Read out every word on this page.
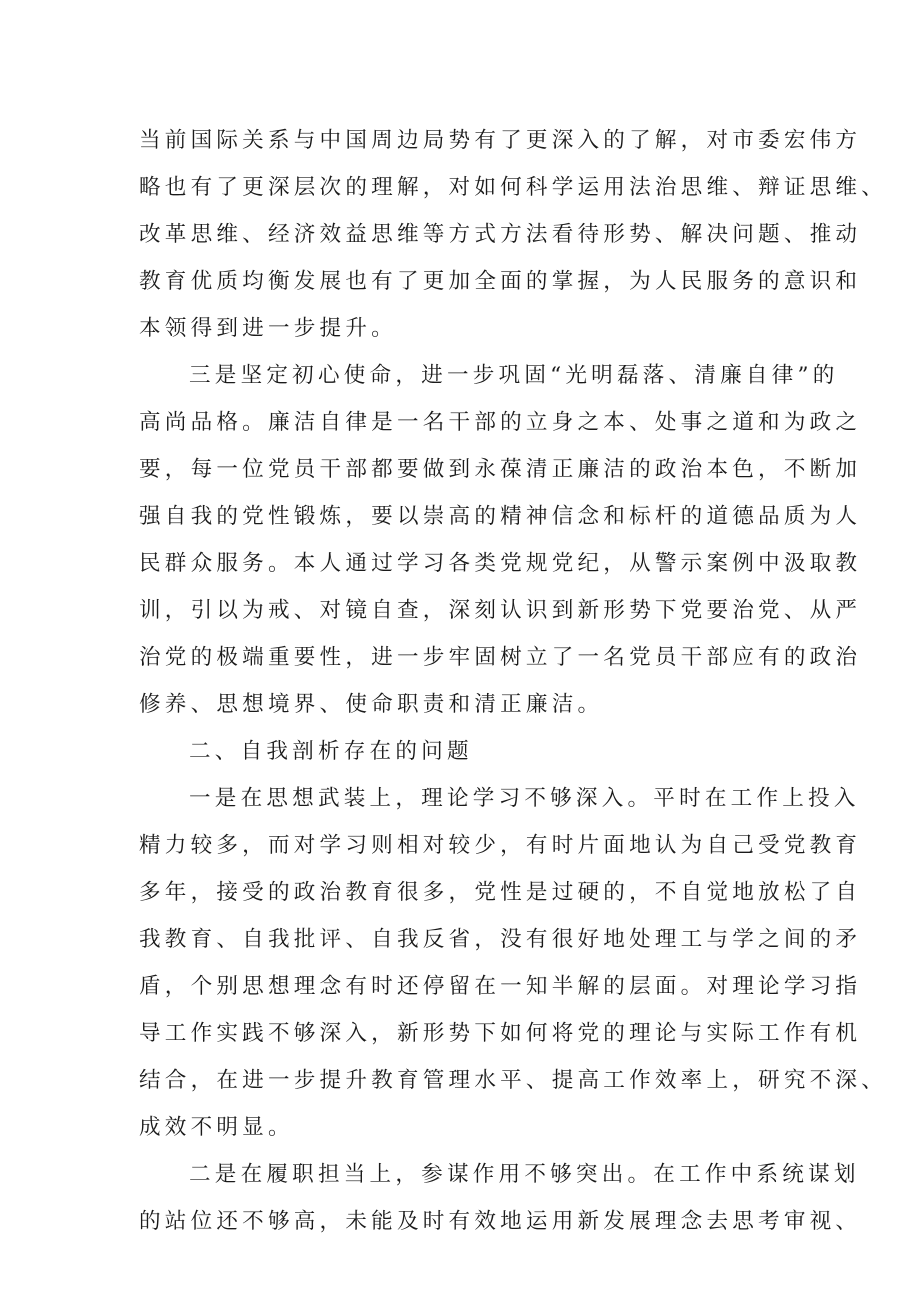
当前国际关系与中国周边局势有了更深入的了解，对市委宏伟方
略也有了更深层次的理解，对如何科学运用法治思维、辩证思维、
改革思维、经济效益思维等方式方法看待形势、解决问题、推动
教育优质均衡发展也有了更加全面的掌握，为人民服务的意识和
本领得到进一步提升。
三是坚定初心使命，进一步巩固“光明磊落、清廉自律”的
高尚品格。廉洁自律是一名干部的立身之本、处事之道和为政之
要，每一位党员干部都要做到永葆清正廉洁的政治本色，不断加
强自我的党性锻炼，要以崇高的精神信念和标杆的道德品质为人
民群众服务。本人通过学习各类党规党纪，从警示案例中汲取教
训，引以为戒、对镜自查，深刻认识到新形势下党要治党、从严
治党的极端重要性，进一步牢固树立了一名党员干部应有的政治
修养、思想境界、使命职责和清正廉洁。
二、自我剖析存在的问题
一是在思想武装上，理论学习不够深入。平时在工作上投入
精力较多，而对学习则相对较少，有时片面地认为自己受党教育
多年，接受的政治教育很多，党性是过硬的，不自觉地放松了自
我教育、自我批评、自我反省，没有很好地处理工与学之间的矛
盾，个别思想理念有时还停留在一知半解的层面。对理论学习指
导工作实践不够深入，新形势下如何将党的理论与实际工作有机
结合，在进一步提升教育管理水平、提高工作效率上，研究不深、
成效不明显。
二是在履职担当上，参谋作用不够突出。在工作中系统谋划
的站位还不够高，未能及时有效地运用新发展理念去思考审视、
